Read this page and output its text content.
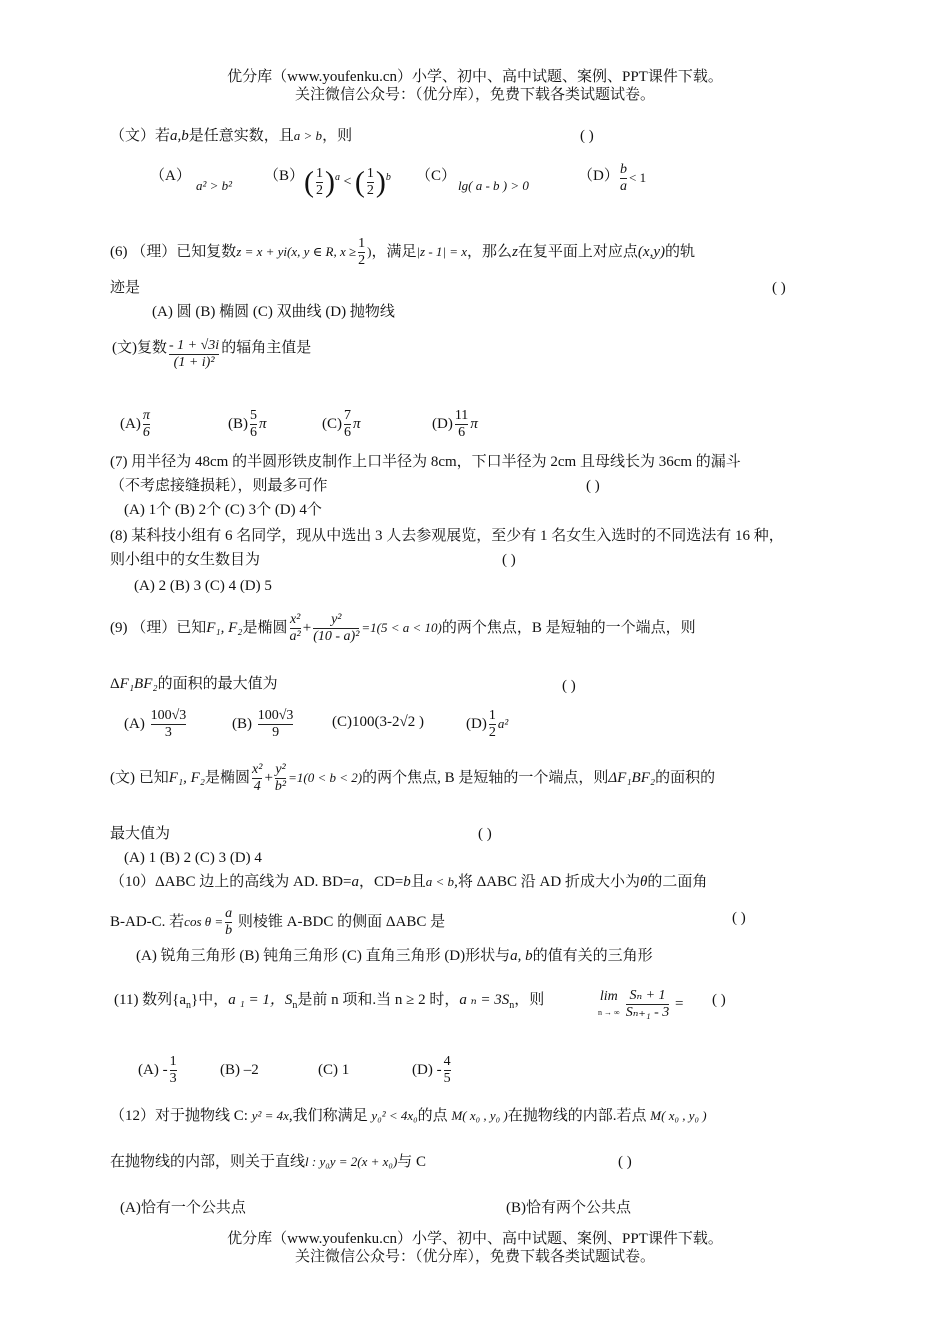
优分库（www.youfenku.cn）小学、初中、高中试题、案例、PPT课件下载。
关注微信公众号：（优分库），免费下载各类试题试卷。
（文）若a,b是任意实数，且a > b，则	( )
（A）
a² > b²
（B） ( $\frac{1}{2} )^a$ < ( $\frac{1}{2} )^b$ （C）
lg( a - b ) > 0
$(D) \frac{b}{a} < 1$
(6) （理）已知复数z = x + yi(x, y ∈ R, $x \ge \frac{1}{2}$ )，满足|z - 1| = x，那么z在复平面上对应点(x,y)的轨
迹是	( )
(A) 圆 (B) 椭圆 (C) 双曲线 (D) 抛物线
(文)复数 $\frac{- 1 + √3i}{\text{(1 + i)²}}$ 的辐角主值是
$(A) \frac{\pi}{6}$	$(B) \frac{5}{6}$ π	$(C) \frac{7}{6}$ π	$(D) \frac{11}{6}$ π
(7) 用半径为 48cm 的半圆形铁皮制作上口半径为 8cm，下口半径为 2cm 且母线长为 36cm 的漏斗
（不考虑接缝损耗），则最多可作	( )
(A) 1个 (B) 2个 (C) 3个 (D) 4个
(8) 某科技小组有 6 名同学，现从中选出 3 人去参观展览，至少有 1 名女生入选时的不同选法有 16 种，
则小组中的女生数目为	( )
(A) 2 (B) 3 (C) 4 (D) 5
(9) （理）已知F₁, F₂是椭圆 $\frac{\text{x²}}{\text{a²}} + \frac{\text{y²}}{\text{(10 - a)²}} =1(5 < a < 10)$的两个焦点，B 是短轴的一个端点，则
ΔF₁BF₂的面积的最大值为	( )
$(A) \frac{100√3}{3}$	$(B) \frac{100√3}{9}$	(C)100(3-2√2 )	$(D) \frac{1}{2} a^2$
(文) 已知F₁, F₂是椭圆 $\frac{\text{x²}}{4} + \frac{\text{y²}}{\text{b²}} =1(0 < b < 2)$的两个焦点, B 是短轴的一个端点，则ΔF₁BF₂的面积的
最大值为	( )
(A) 1 (B) 2 (C) 3 (D) 4
（10）ΔABC 边上的高线为 AD. BD=a，CD=b且a < b,将 ΔABC 沿 AD 折成大小为θ的二面角
B-AD-C. 若$\cos \theta = \frac{a}{b}$ 则棱锥 A-BDC 的侧面 ΔABC 是	( )
(A) 锐角三角形 (B) 钝角三角形 (C) 直角三角形 (D)形状与a, b的值有关的三角形
(11) 数列$\{a_n\}$中，a ₁ = 1，$S_n$是前 n 项和.当 n ≥ 2 时，a $_n = 3S_n$，则	lim
n → ∞ $\frac{\text{Sₙ + 1}}{\text{Sₙ₊₁ - 3}}$ = ( )
$(A) - \frac{1}{3}$	(B) –2	(C) 1	$(D) - \frac{4}{5}$
（12）对于抛物线 C: y² = 4x,我们称满足 y₀² < 4x₀的点 M( x₀ , y₀ )在抛物线的内部.若点 M( x₀ , y₀ )
在抛物线的内部，则关于直线l : y₀y = 2(x + x₀)与 C	( )
(A)恰有一个公共点	(B)恰有两个公共点
优分库（www.youfenku.cn）小学、初中、高中试题、案例、PPT课件下载。
关注微信公众号：（优分库），免费下载各类试题试卷。
